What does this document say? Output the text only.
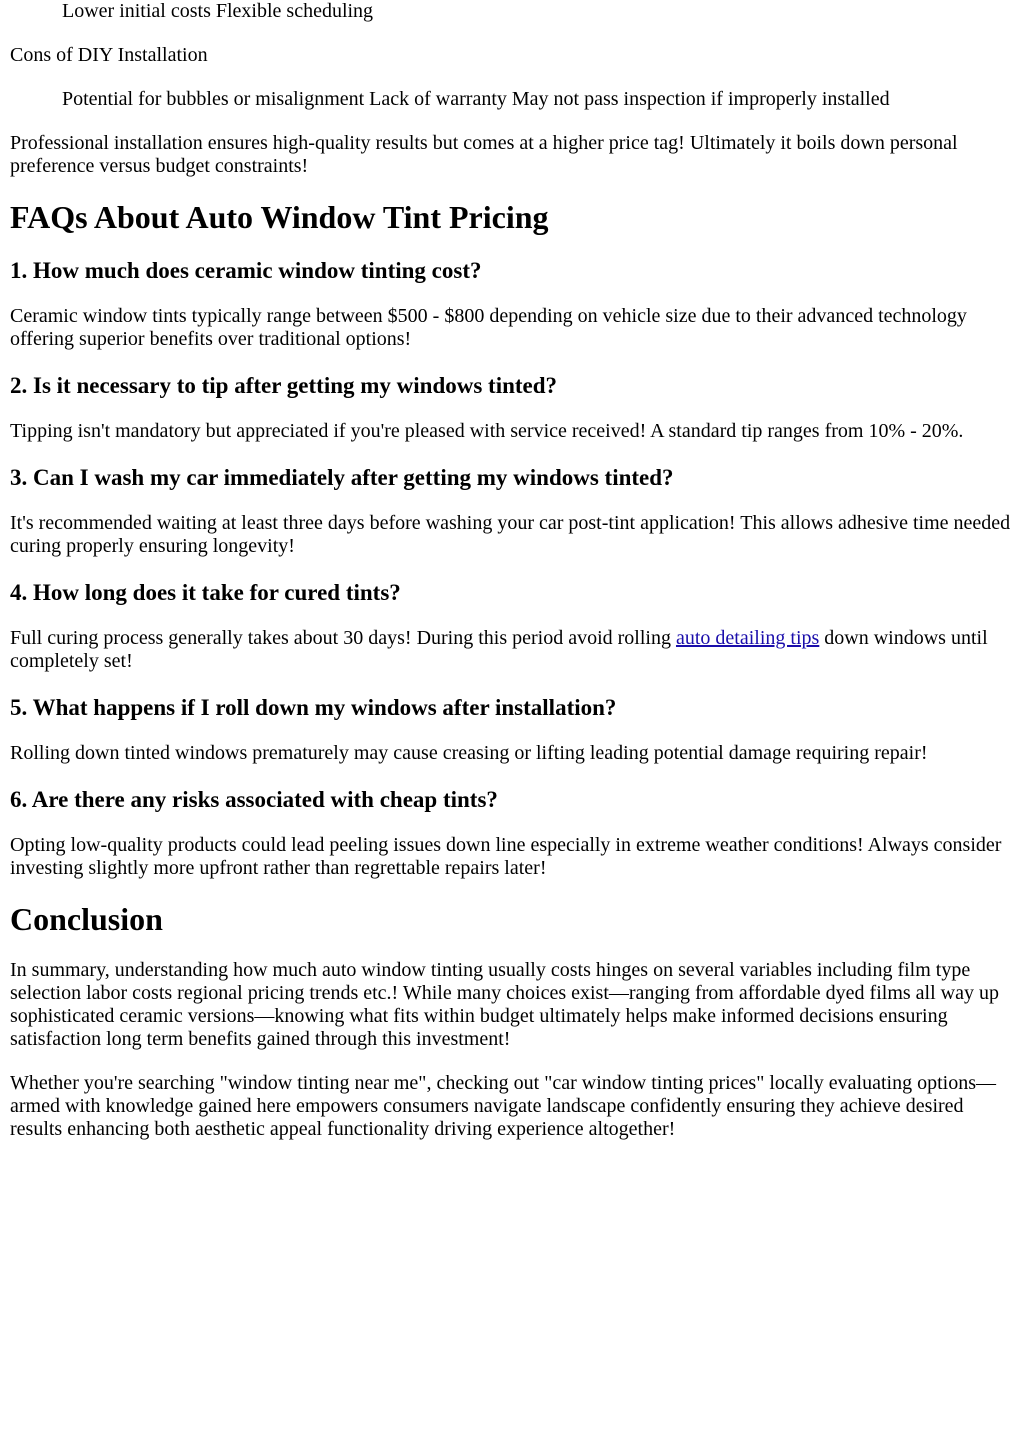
Lower initial costs Flexible scheduling

Cons of DIY Installation

Potential for bubbles or misalignment Lack of warranty May not pass inspection if improperly installed

Professional installation ensures high-quality results but comes at a higher price tag! Ultimately it boils down personal preference versus budget constraints!

FAQs About Auto Window Tint Pricing
1. How much does ceramic window tinting cost?

Ceramic window tints typically range between $500 - $800 depending on vehicle size due to their advanced technology offering superior benefits over traditional options!

2. Is it necessary to tip after getting my windows tinted?

Tipping isn't mandatory but appreciated if you're pleased with service received! A standard tip ranges from 10% - 20%.

3. Can I wash my car immediately after getting my windows tinted?

It's recommended waiting at least three days before washing your car post-tint application! This allows adhesive time needed curing properly ensuring longevity!

4. How long does it take for cured tints?

Full curing process generally takes about 30 days! During this period avoid rolling auto detailing tips down windows until completely set!

5. What happens if I roll down my windows after installation?

Rolling down tinted windows prematurely may cause creasing or lifting leading potential damage requiring repair!

6. Are there any risks associated with cheap tints?

Opting low-quality products could lead peeling issues down line especially in extreme weather conditions! Always consider investing slightly more upfront rather than regrettable repairs later!

Conclusion

In summary, understanding how much auto window tinting usually costs hinges on several variables including film type selection labor costs regional pricing trends etc.! While many choices exist—ranging from affordable dyed films all way up sophisticated ceramic versions—knowing what fits within budget ultimately helps make informed decisions ensuring satisfaction long term benefits gained through this investment!

Whether you're searching "window tinting near me", checking out "car window tinting prices" locally evaluating options—armed with knowledge gained here empowers consumers navigate landscape confidently ensuring they achieve desired results enhancing both aesthetic appeal functionality driving experience altogether!
